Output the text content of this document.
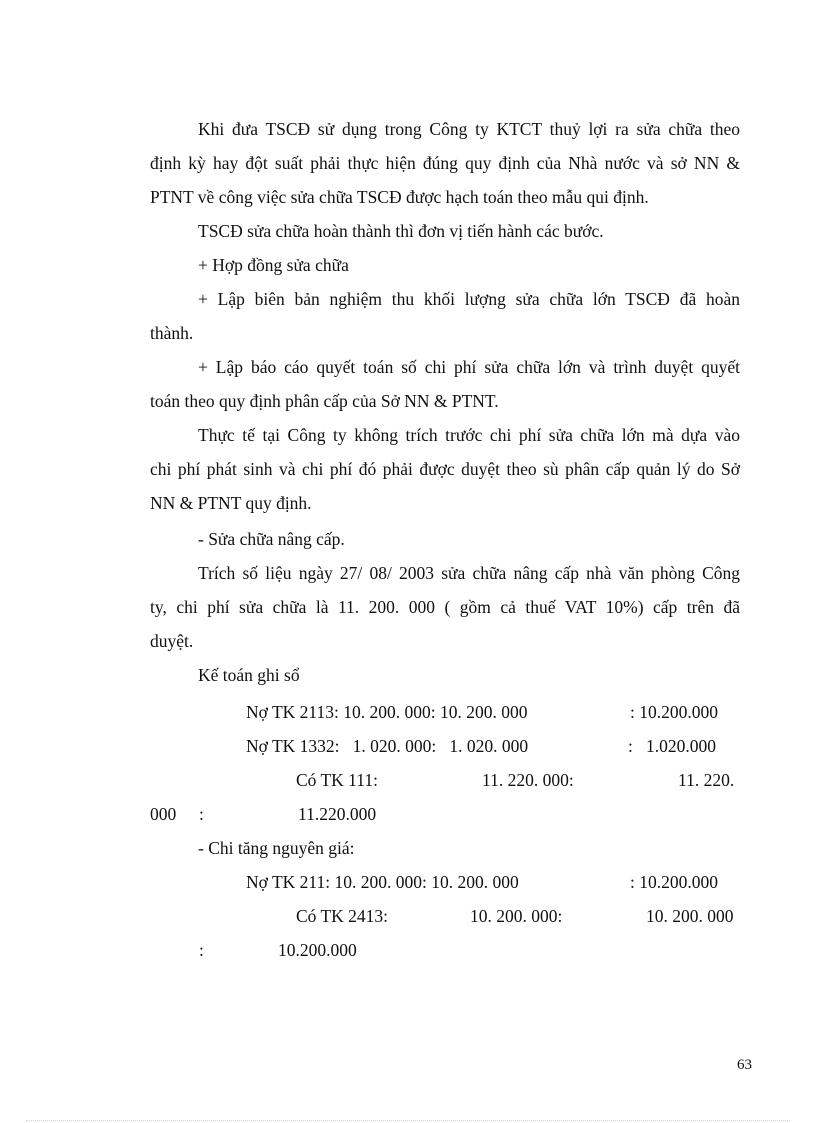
Khi đưa TSCĐ sử dụng trong Công ty KTCT thuỷ lợi ra sửa chữa theo
định kỳ hay đột suất phải thực hiện đúng quy định của Nhà nước và sở NN &
PTNT về công việc sửa chữa TSCĐ được hạch toán theo mẫu qui định.
TSCĐ sửa chữa hoàn thành thì đơn vị tiến hành các bước.
+ Hợp đồng sửa chữa
+ Lập biên bản nghiệm thu khối lượng sửa chữa lớn TSCĐ đã hoàn
thành.
+ Lập báo cáo quyết toán số chi phí sửa chữa lớn và trình duyệt quyết
toán theo quy định phân cấp của Sở NN & PTNT.
Thực tế tại Công ty không trích trước chi phí sửa chữa lớn mà dựa vào
chi phí phát sinh và chi phí đó phải được duyệt theo sù phân cấp quản lý do Sở
NN & PTNT quy định.
- Sửa chữa nâng cấp.
Trích số liệu ngày 27/ 08/ 2003 sửa chữa nâng cấp nhà văn phòng Công
ty, chi phí sửa chữa là 11. 200. 000 ( gồm cả thuế VAT 10%) cấp trên đã
duyệt.
Kế toán ghi sổ
Nợ TK 2113: 10. 200. 000: 10. 200. 000	: 10.200.000
Nợ TK 1332:   1. 020. 000:   1. 020. 000	:   1.020.000
Có TK 111:	11. 220. 000:	11. 220.
000 :	11.220.000
- Chi tăng nguyên giá:
Nợ TK 211: 10. 200. 000: 10. 200. 000	: 10.200.000
Có TK 2413:	10. 200. 000:	10. 200. 000
:	10.200.000
63
